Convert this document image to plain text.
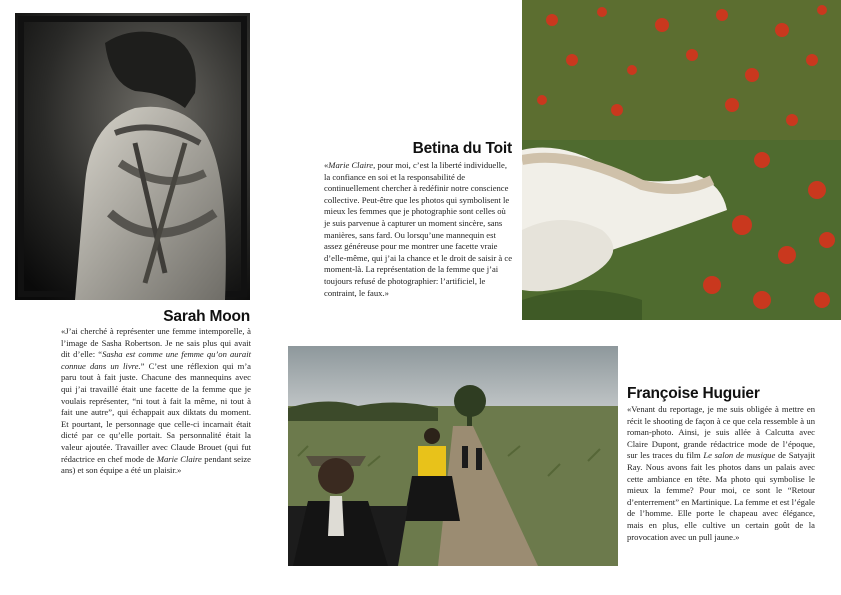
Sarah Moon

«J’ai cherché à représenter une femme intemporelle, à l’image de Sasha Robertson. Je ne sais plus qui avait dit d’elle: “Sasha est comme une femme qu’on aurait connue dans un livre.” C’est une réflexion qui m’a paru tout à fait juste. Chacune des mannequins avec qui j’ai travaillé était une facette de la femme que je voulais représenter, “ni tout à fait la même, ni tout à fait une autre”, qui échappait aux diktats du moment. Et pourtant, le personnage que celle-ci incarnait était dicté par ce qu’elle portait. Sa personnalité était la valeur ajoutée. Travailler avec Claude Brouet (qui fut rédactrice en chef mode de Marie Claire pendant seize ans) et son équipe a été un plaisir.»

Betina du Toit

«Marie Claire, pour moi, c’est la liberté individuelle, la confiance en soi et la responsabilité de continuellement chercher à redéfinir notre conscience collective. Peut-être que les photos qui symbolisent le mieux les femmes que je photographie sont celles où je suis parvenue à capturer un moment sincère, sans manières, sans fard. Ou lorsqu’une mannequin est assez généreuse pour me montrer une facette vraie d’elle-même, qui j’ai la chance et le droit de saisir à ce moment-là. La représentation de la femme que j’ai toujours refusé de photographier: l’artificiel, le contraint, le faux.»

Françoise Huguier

«Venant du reportage, je me suis obligée à mettre en récit le shooting de façon à ce que cela ressemble à un roman-photo. Ainsi, je suis allée à Calcutta avec Claire Dupont, grande rédactrice mode de l’époque, sur les traces du film Le salon de musique de Satyajit Ray. Nous avons fait les photos dans un palais avec cette ambiance en tête. Ma photo qui symbolise le mieux la femme? Pour moi, ce sont le “Retour d’enterrement” en Martinique. La femme et est l’égale de l’homme. Elle porte le chapeau avec élégance, mais en plus, elle cultive un certain goût de la provocation avec un pull jaune.»
